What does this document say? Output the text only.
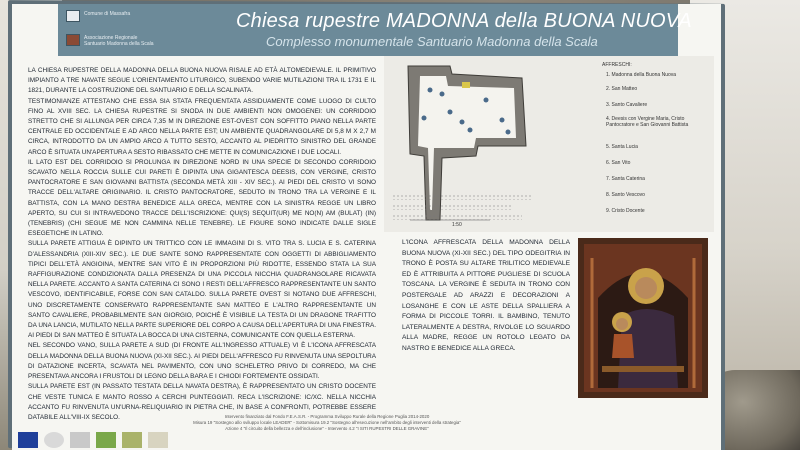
Comune di Massafra
Associazione Regionale Santuario Madonna della Scala
Chiesa rupestre MADONNA della BUONA NUOVA
Complesso monumentale Santuario Madonna della Scala

LA CHIESA RUPESTRE DELLA MADONNA DELLA BUONA NUOVA RISALE AD ETÀ ALTOMEDIEVALE. IL PRIMITIVO IMPIANTO A TRE NAVATE SEGUE L'ORIENTAMENTO LITURGICO, SUBENDO VARIE MUTILAZIONI TRA IL 1731 E IL 1821, DURANTE LA COSTRUZIONE DEL SANTUARIO E DELLA SCALINATA.

TESTIMONIANZE ATTESTANO CHE ESSA SIA STATA FREQUENTATA ASSIDUAMENTE COME LUOGO DI CULTO FINO AL XVIII SEC. LA CHIESA RUPESTRE SI SNODA IN DUE AMBIENTI NON OMOGENEI: UN CORRIDOIO STRETTO CHE SI ALLUNGA PER CIRCA 7,35 M IN DIREZIONE EST-OVEST CON SOFFITTO PIANO NELLA PARTE CENTRALE ED OCCIDENTALE E AD ARCO NELLA PARTE EST; UN AMBIENTE QUADRANGOLARE DI 5,8 M X 2,7 M CIRCA, INTRODOTTO DA UN AMPIO ARCO A TUTTO SESTO, ACCANTO AL PIEDRITTO SINISTRO DEL GRANDE ARCO È SITUATA UN'APERTURA A SESTO RIBASSATO CHE METTE IN COMUNICAZIONE I DUE LOCALI.

IL LATO EST DEL CORRIDOIO SI PROLUNGA IN DIREZIONE NORD IN UNA SPECIE DI SECONDO CORRIDOIO SCAVATO NELLA ROCCIA SULLE CUI PARETI È DIPINTA UNA GIGANTESCA DEESIS, CON VERGINE, CRISTO PANTOCRATORE E SAN GIOVANNI BATTISTA (SECONDA METÀ XIII - XIV SEC.). AI PIEDI DEL CRISTO VI SONO TRACCE DELL'ALTARE ORIGINARIO. IL CRISTO PANTOCRATORE, SEDUTO IN TRONO TRA LA VERGINE E IL BATTISTA, CON LA MANO DESTRA BENEDICE ALLA GRECA, MENTRE CON LA SINISTRA REGGE UN LIBRO APERTO, SU CUI SI INTRAVEDONO TRACCE DELL'ISCRIZIONE: QUI(S) SEQUIT(UR) ME NO(N) AM (BULAT) (IN) (TENEBRIS) (CHI SEGUE ME NON CAMMINA NELLE TENEBRE). LE FIGURE SONO INDICATE DALLE SIGLE ESEGETICHE IN LATINO.

SULLA PARETE ATTIGUA È DIPINTO UN TRITTICO CON LE IMMAGINI DI S. VITO TRA S. LUCIA E S. CATERINA D'ALESSANDRIA (XIII-XIV SEC.). LE DUE SANTE SONO RAPPRESENTATE CON OGGETTI DI ABBIGLIAMENTO TIPICI DELL'ETÀ ANGIOINA, MENTRE SAN VITO È IN PROPORZIONI PIÙ RIDOTTE, ESSENDO STATA LA SUA RAFFIGURAZIONE CONDIZIONATA DALLA PRESENZA DI UNA PICCOLA NICCHIA QUADRANGOLARE RICAVATA NELLA PARETE. ACCANTO A SANTA CATERINA CI SONO I RESTI DELL'AFFRESCO RAPPRESENTANTE UN SANTO VESCOVO, IDENTIFICABILE, FORSE CON SAN CATALDO. SULLA PARETE OVEST SI NOTANO DUE AFFRESCHI, UNO DISCRETAMENTE CONSERVATO RAPPRESENTANTE SAN MATTEO E L'ALTRO RAPPRESENTANTE UN SANTO CAVALIERE, PROBABILMENTE SAN GIORGIO, POICHÉ È VISIBILE LA TESTA DI UN DRAGONE TRAFITTO DA UNA LANCIA, MUTILATO NELLA PARTE SUPERIORE DEL CORPO A CAUSA DELL'APERTURA DI UNA FINESTRA. AI PIEDI DI SAN MATTEO È SITUATA LA BOCCA DI UNA CISTERNA, COMUNICANTE CON QUELLA ESTERNA.

NEL SECONDO VANO, SULLA PARETE A SUD (DI FRONTE ALL'INGRESSO ATTUALE) VI È L'ICONA AFFRESCATA DELLA MADONNA DELLA BUONA NUOVA (XI-XII SEC.). AI PIEDI DELL'AFFRESCO FU RINVENUTA UNA SEPOLTURA DI DATAZIONE INCERTA, SCAVATA NEL PAVIMENTO, CON UNO SCHELETRO PRIVO DI CORREDO, MA CHE PRESENTAVA ANCORA I FRUSTOLI DI LEGNO DELLA BARA E I CHIODI FORTEMENTE OSSIDATI.

SULLA PARETE EST (IN PASSATO TESTATA DELLA NAVATA DESTRA), È RAPPRESENTATO UN CRISTO DOCENTE CHE VESTE TUNICA E MANTO ROSSO A CERCHI PUNTEGGIATI. RECA L'ISCRIZIONE: IC/XC. NELLA NICCHIA ACCANTO FU RINVENUTA UN'URNA-RELIQUIARIO IN PIETRA CHE, IN BASE A CONFRONTI, POTREBBE ESSERE DATABILE ALL'VIII-IX SECOLO.

1:50
AFFRESCHI:
1. Madonna della Buona Nuova
2. San Matteo
3. Santo Cavaliere
4. Deesis con Vergine Maria, Cristo Pantocratore e San Giovanni Battista
5. Santa Lucia
6. San Vito
7. Santa Caterina
8. Santo Vescovo
9. Cristo Docente
L'ICONA AFFRESCATA DELLA MADONNA DELLA BUONA NUOVA (XI-XII SEC.) DEL TIPO ODEGITRIA IN TRONO È POSTA SU ALTARE TRILITICO MEDIEVALE ED È ATTRIBUITA A PITTORE PUGLIESE DI SCUOLA TOSCANA. LA VERGINE È SEDUTA IN TRONO CON POSTERGALE AD ARAZZI E DECORAZIONI A LOSANGHE E CON LE ASTE DELLA SPALLIERA A FORMA DI PICCOLE TORRI. IL BAMBINO, TENUTO LATERALMENTE A DESTRA, RIVOLGE LO SGUARDO ALLA MADRE, REGGE UN ROTOLO LEGATO DA NASTRO E BENEDICE ALLA GRECA.
Intervento finanziato dal Fondo F.E.A.S.R. - Programma Sviluppo Rurale della Regione Puglia 2014-2020
Misura 19 "Sostegno allo sviluppo locale LEADER" - Sottomisura 19.2 "Sostegno all'esecuzione nell'ambito degli interventi della strategia"
Azione 4 "Il circuito della bellezza e dell'inclusione" - Intervento 4.2 "I SITI RUPESTRI DELLE GRAVINE"
